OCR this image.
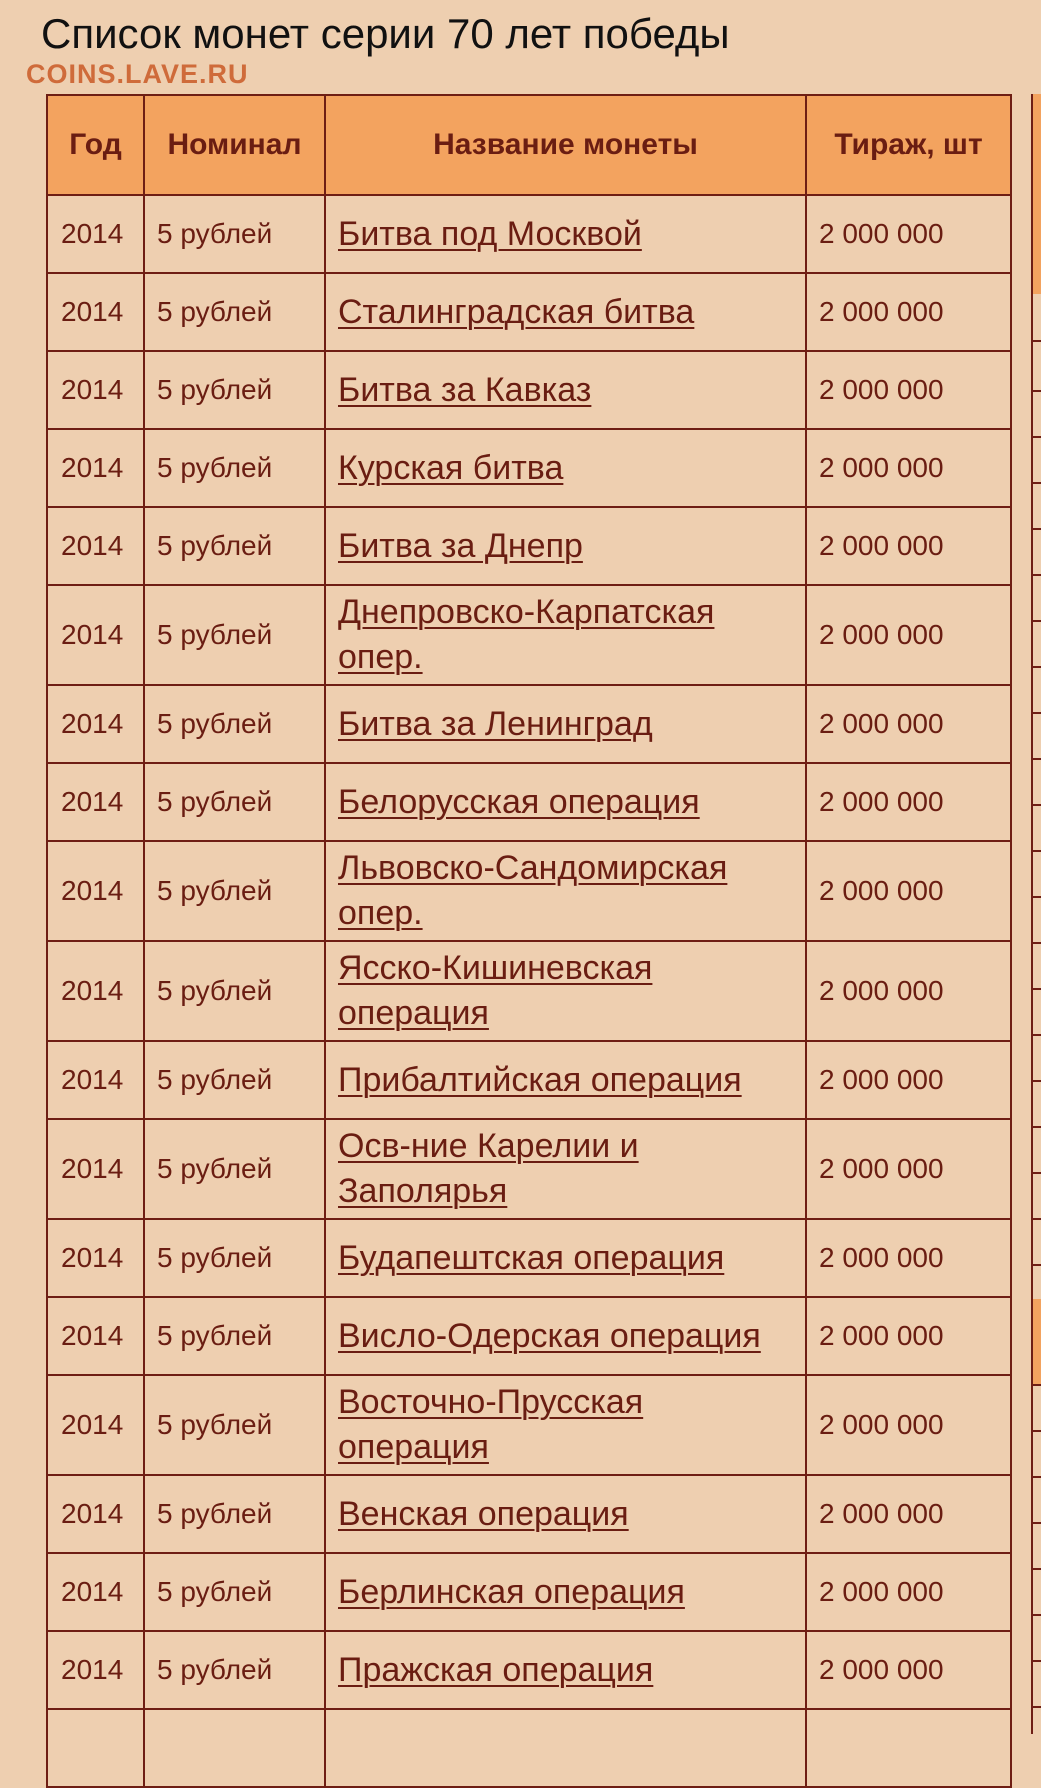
Список монет серии 70 лет победы
COINS.LAVE.RU
Год	Номинал	Название монеты	Тираж, шт
2014	5 рублей	Битва под Москвой	2 000 000
2014	5 рублей	Сталинградская битва	2 000 000
2014	5 рублей	Битва за Кавказ	2 000 000
2014	5 рублей	Курская битва	2 000 000
2014	5 рублей	Битва за Днепр	2 000 000
2014	5 рублей	Днепровско-Карпатская опер.	2 000 000
2014	5 рублей	Битва за Ленинград	2 000 000
2014	5 рублей	Белорусская операция	2 000 000
2014	5 рублей	Львовско-Сандомирская опер.	2 000 000
2014	5 рублей	Ясско-Кишиневская операция	2 000 000
2014	5 рублей	Прибалтийская операция	2 000 000
2014	5 рублей	Осв-ние Карелии и Заполярья	2 000 000
2014	5 рублей	Будапештская операция	2 000 000
2014	5 рублей	Висло-Одерская операция	2 000 000
2014	5 рублей	Восточно-Прусская операция	2 000 000
2014	5 рублей	Венская операция	2 000 000
2014	5 рублей	Берлинская операция	2 000 000
2014	5 рублей	Пражская операция	2 000 000
